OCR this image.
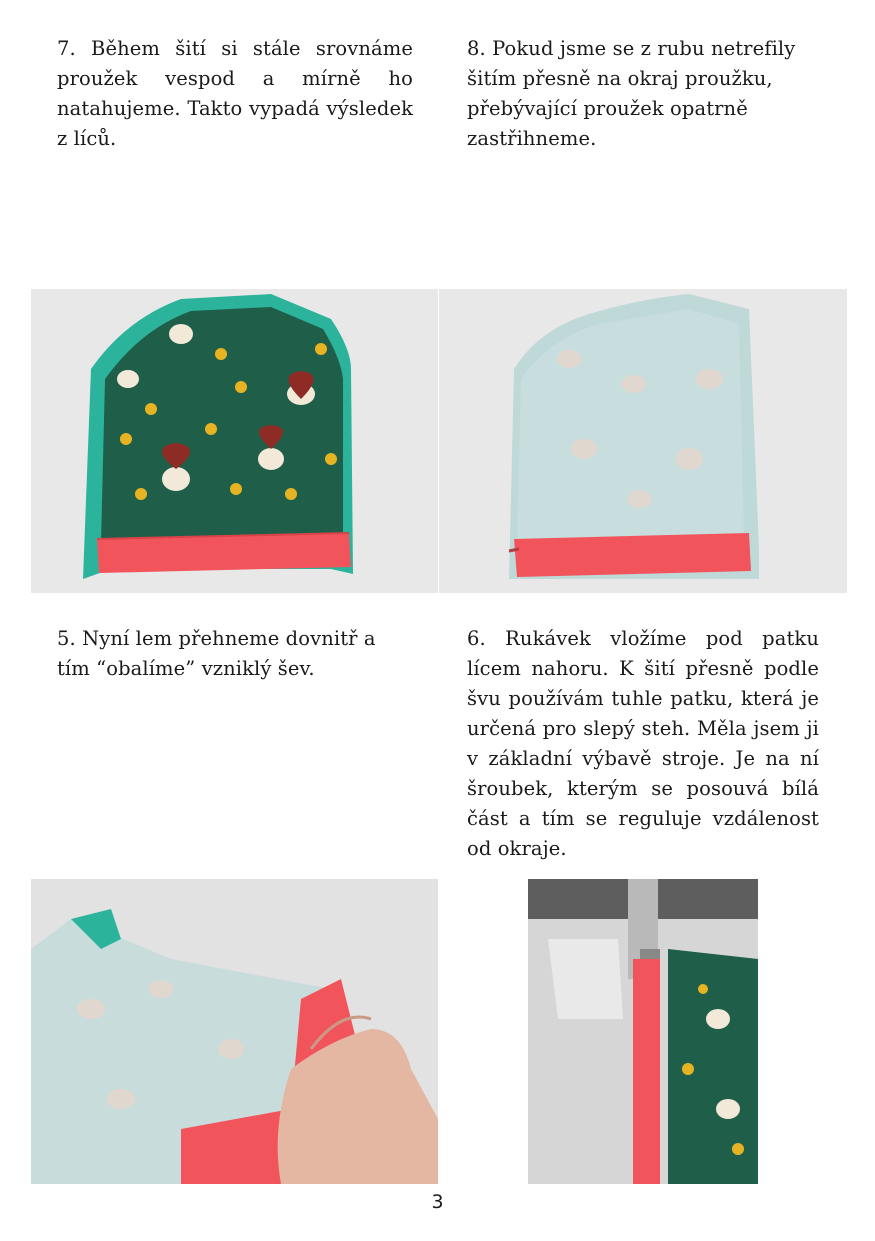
7. Během šití si stále srovnáme proužek vespod a mírně ho natahujeme. Takto vypadá výsledek z líců.

8. Pokud jsme se z rubu netrefily šitím přesně na okraj proužku, přebývající proužek opatrně zastřihneme.

5. Nyní lem přehneme dovnitř a tím “obalíme” vzniklý šev.

6. Rukávek vložíme pod patku lícem nahoru. K šití přesně podle švu používám tuhle patku, která je určená pro slepý steh. Měla jsem ji v základní výbavě stroje. Je na ní šroubek, kterým se posouvá bílá část a tím se reguluje vzdálenost od okraje.

3
